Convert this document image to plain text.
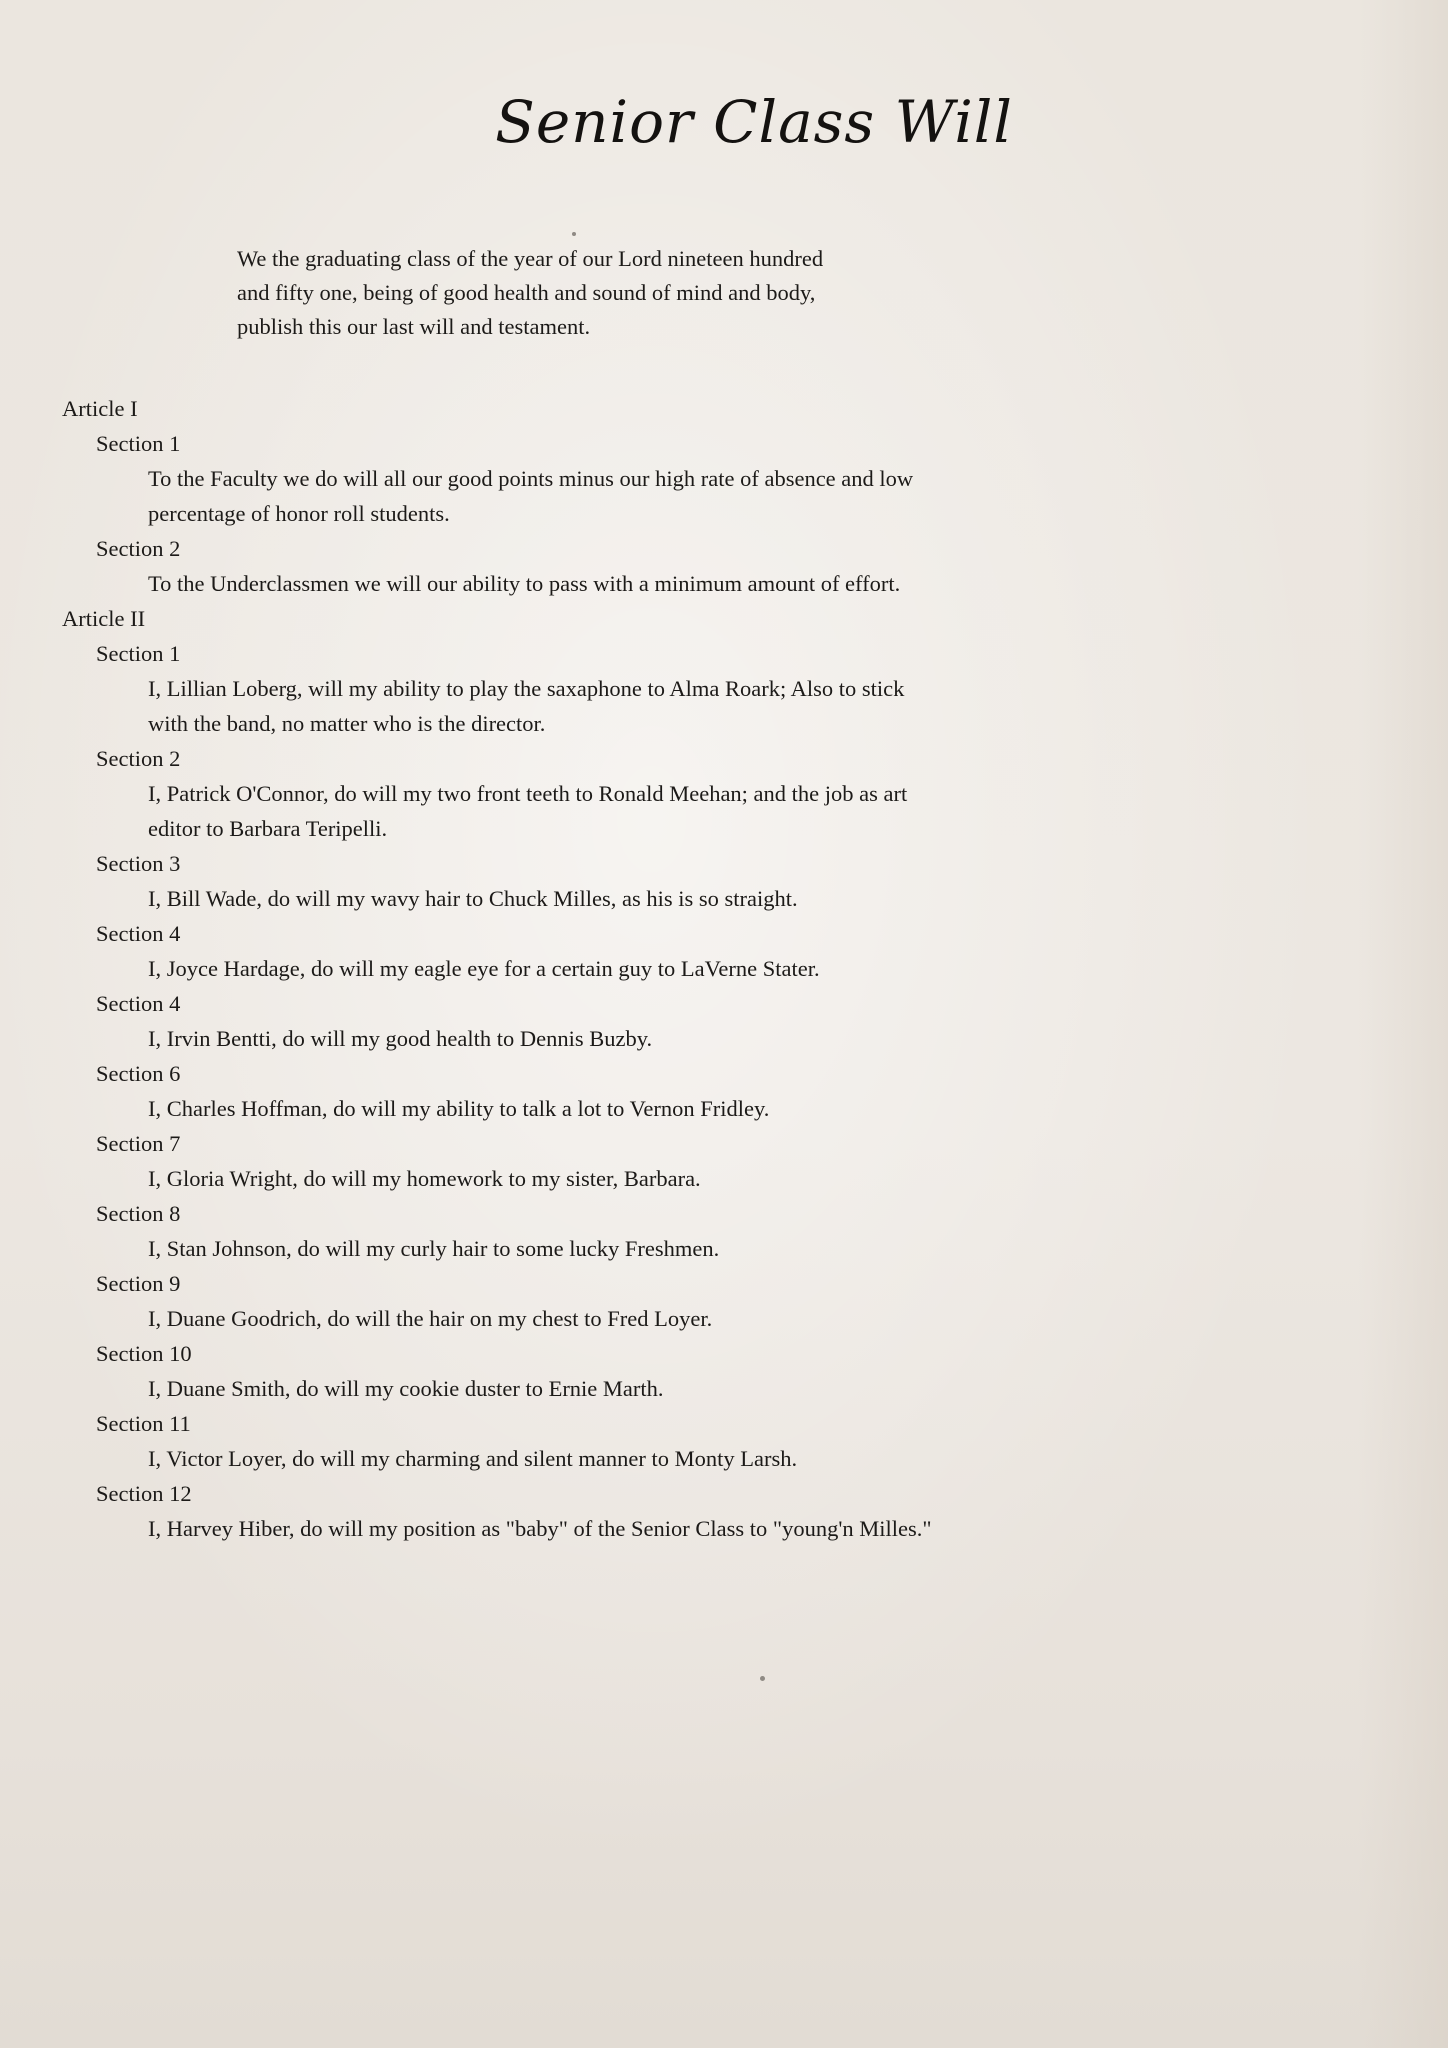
Senior Class Will

We the graduating class of the year of our Lord nineteen hundred
and fifty one, being of good health and sound of mind and body,
publish this our last will and testament.

Article I

Section 1

To the Faculty we do will all our good points minus our high rate of absence and low
percentage of honor roll students.

Section 2

To the Underclassmen we will our ability to pass with a minimum amount of effort.

Article II

Section 1

I, Lillian Loberg, will my ability to play the saxaphone to Alma Roark; Also to stick
with the band, no matter who is the director.

Section 2

I, Patrick O'Connor, do will my two front teeth to Ronald Meehan; and the job as art
editor to Barbara Teripelli.

Section 3

I, Bill Wade, do will my wavy hair to Chuck Milles, as his is so straight.

Section 4

I, Joyce Hardage, do will my eagle eye for a certain guy to LaVerne Stater.

Section 4

I, Irvin Bentti, do will my good health to Dennis Buzby.

Section 6

I, Charles Hoffman, do will my ability to talk a lot to Vernon Fridley.

Section 7

I, Gloria Wright, do will my homework to my sister, Barbara.

Section 8

I, Stan Johnson, do will my curly hair to some lucky Freshmen.

Section 9

I, Duane Goodrich, do will the hair on my chest to Fred Loyer.

Section 10

I, Duane Smith, do will my cookie duster to Ernie Marth.

Section 11

I, Victor Loyer, do will my charming and silent manner to Monty Larsh.

Section 12

I, Harvey Hiber, do will my position as "baby" of the Senior Class to "young'n Milles."
